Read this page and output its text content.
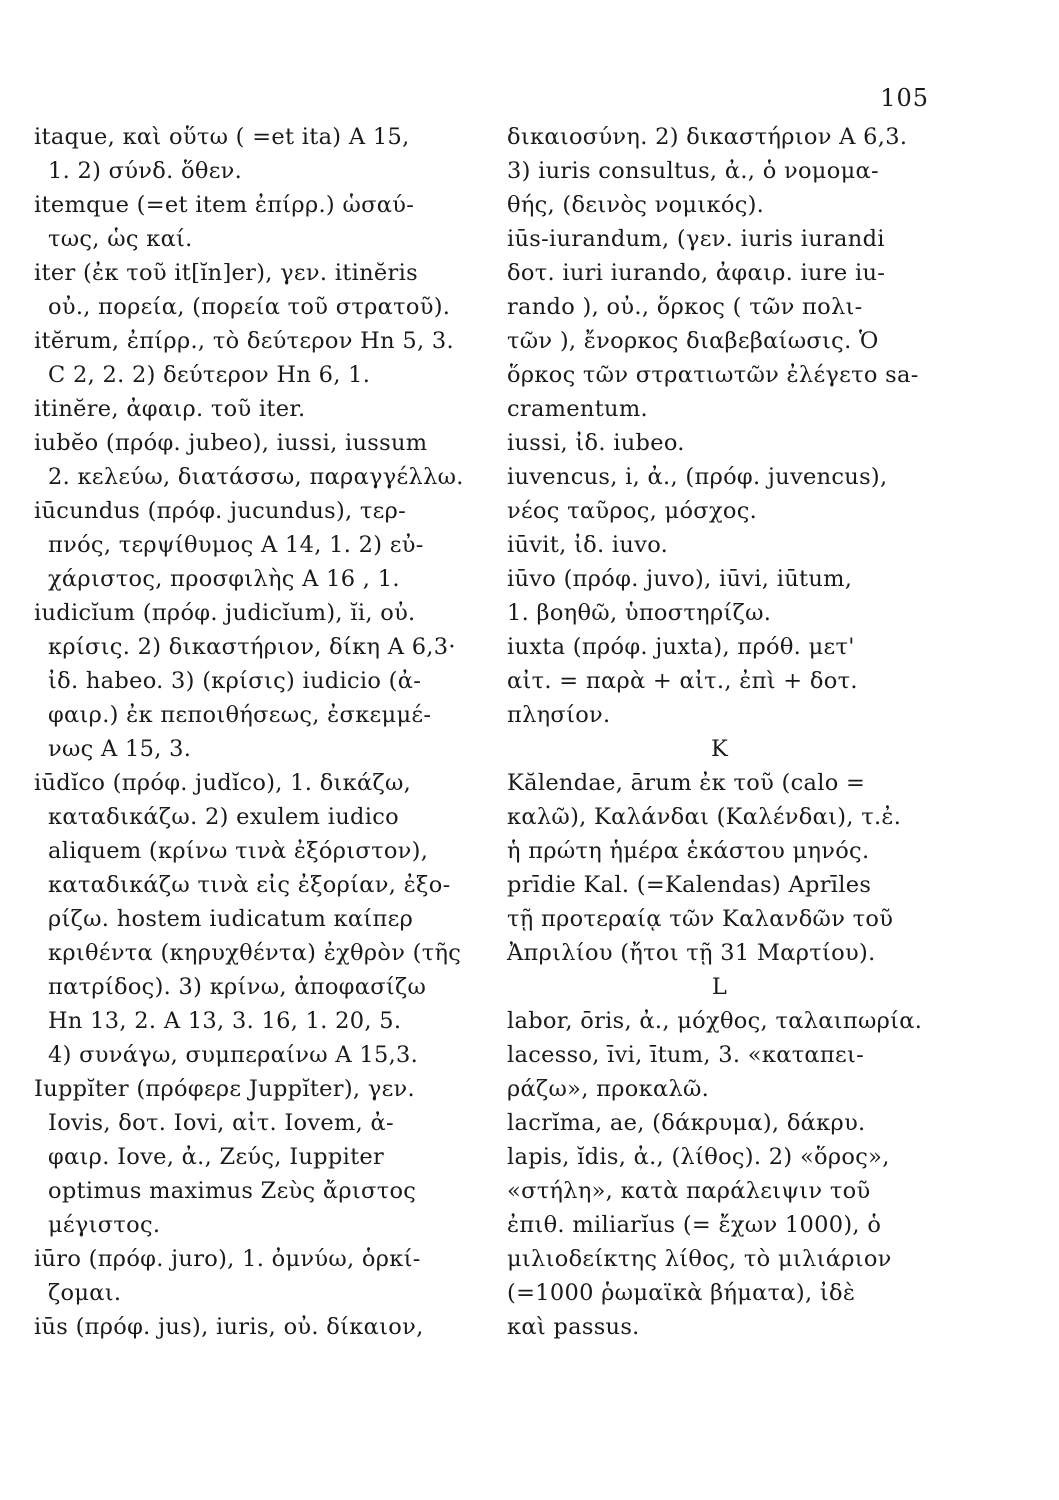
105
itaque, καὶ οὕτω ( =et ita) A 15,
1. 2) σύνδ. ὅθεν.
itemque (=et item ἐπίρρ.) ὡσαύ-
τως, ὡς καί.
iter (ἐκ τοῦ it[ĭn]er), γεν. itinĕris
οὐ., πορεία, (πορεία τοῦ στρατοῦ).
itĕrum, ἐπίρρ., τὸ δεύτερον Hn 5, 3.
C 2, 2. 2) δεύτερον Hn 6, 1.
itinĕre, ἀφαιρ. τοῦ iter.
iubĕo (πρόφ. jubeo), iussi, iussum
2. κελεύω, διατάσσω, παραγγέλλω.
iūcundus (πρόφ. jucundus), τερ-
πνός, τερψίθυμος A 14, 1. 2) εὐ-
χάριστος, προσφιλὴς A 16 , 1.
iudicĭum (πρόφ. judicĭum), ĭi, οὐ.
κρίσις. 2) δικαστήριον, δίκη A 6,3·
ἰδ. habeo. 3) (κρίσις) iudicio (ἀ-
φαιρ.) ἐκ πεποιθήσεως, ἐσκεμμέ-
νως A 15, 3.
iūdĭco (πρόφ. judĭco), 1. δικάζω,
καταδικάζω. 2) exulem iudico
aliquem (κρίνω τινὰ ἐξόριστον),
καταδικάζω τινὰ εἰς ἐξορίαν, ἐξο-
ρίζω. hostem iudicatum καίπερ
κριθέντα (κηρυχθέντα) ἐχθρὸν (τῆς
πατρίδος). 3) κρίνω, ἀποφασίζω
Hn 13, 2. A 13, 3. 16, 1. 20, 5.
4) συνάγω, συμπεραίνω A 15,3.
Iuppĭter (πρόφερε Juppĭter), γεν.
Iovis, δοτ. Iovi, αἰτ. Iovem, ἀ-
φαιρ. Iove, ἀ., Ζεύς, Iuppiter
optimus maximus Ζεὺς ἄριστος
μέγιστος.
iūro (πρόφ. juro), 1. ὀμνύω, ὁρκί-
ζομαι.
iūs (πρόφ. jus), iuris, οὐ. δίκαιον,
δικαιοσύνη. 2) δικαστήριον A 6,3.
3) iuris consultus, ἀ., ὁ νομομα-
θής, (δεινὸς νομικός).
iūs-iurandum, (γεν. iuris iurandi
δοτ. iuri iurando, ἀφαιρ. iure iu-
rando ), οὐ., ὅρκος ( τῶν πολι-
τῶν ), ἔνορκος διαβεβαίωσις. Ὁ
ὅρκος τῶν στρατιωτῶν ἐλέγετο sa-
cramentum.
iussi, ἰδ. iubeo.
iuvencus, i, ἀ., (πρόφ. juvencus),
νέος ταῦρος, μόσχος.
iūvit, ἰδ. iuvo.
iūvo (πρόφ. juvo), iūvi, iūtum,
1. βοηθῶ, ὑποστηρίζω.
iuxta (πρόφ. juxta), πρόθ. μετ'
αἰτ. = παρὰ + αἰτ., ἐπὶ + δοτ.
πλησίον.
K
Kălendae, ārum ἐκ τοῦ (calo =
καλῶ), Καλάνδαι (Καλένδαι), τ.ἐ.
ἡ πρώτη ἡμέρα ἑκάστου μηνός.
prīdie Kal. (=Kalendas) Aprīles
τῇ προτεραίᾳ τῶν Καλανδῶν τοῦ
Ἀπριλίου (ἤτοι τῇ 31 Μαρτίου).
L
labor, ōris, ἀ., μόχθος, ταλαιπωρία.
lacesso, īvi, ītum, 3. «καταπει-
ράζω», προκαλῶ.
lacrĭma, ae, (δάκρυμα), δάκρυ.
lapis, ĭdis, ἀ., (λίθος). 2) «ὅρος»,
«στήλη», κατὰ παράλειψιν τοῦ
ἐπιθ. miliarĭus (= ἔχων 1000), ὁ
μιλιοδείκτης λίθος, τὸ μιλιάριον
(=1000 ῥωμαϊκὰ βήματα), ἰδὲ
καὶ passus.
